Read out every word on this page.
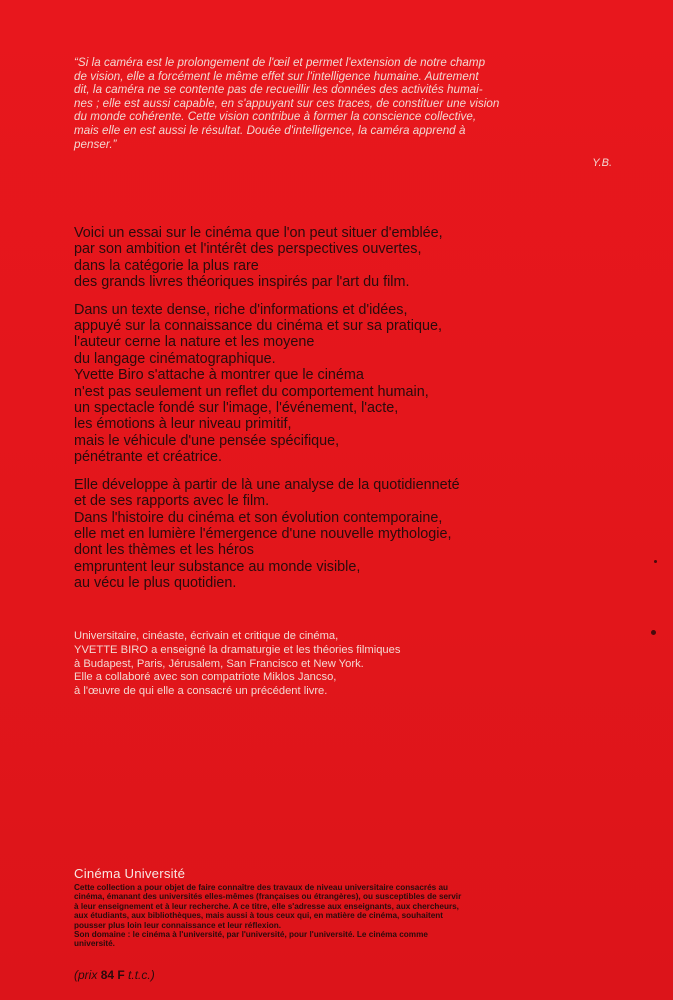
“Si la caméra est le prolongement de l'œil et permet l'extension de notre champ
de vision, elle a forcément le même effet sur l'intelligence humaine. Autrement
dit, la caméra ne se contente pas de recueillir les données des activités humai-
nes ; elle est aussi capable, en s'appuyant sur ces traces, de constituer une vision
du monde cohérente. Cette vision contribue à former la conscience collective,
mais elle en est aussi le résultat. Douée d'intelligence, la caméra apprend à
penser.”
Y.B.

Voici un essai sur le cinéma que l'on peut situer d'emblée,
par son ambition et l'intérêt des perspectives ouvertes,
dans la catégorie la plus rare
des grands livres théoriques inspirés par l'art du film.

Dans un texte dense, riche d'informations et d'idées,
appuyé sur la connaissance du cinéma et sur sa pratique,
l'auteur cerne la nature et les moyene
du langage cinématographique.
Yvette Biro s'attache à montrer que le cinéma
n'est pas seulement un reflet du comportement humain,
un spectacle fondé sur l'image, l'événement, l'acte,
les émotions à leur niveau primitif,
mais le véhicule d'une pensée spécifique,
pénétrante et créatrice.

Elle développe à partir de là une analyse de la quotidienneté
et de ses rapports avec le film.
Dans l'histoire du cinéma et son évolution contemporaine,
elle met en lumière l'émergence d'une nouvelle mythologie,
dont les thèmes et les héros
empruntent leur substance au monde visible,
au vécu le plus quotidien.

Universitaire, cinéaste, écrivain et critique de cinéma,
YVETTE BIRO a enseigné la dramaturgie et les théories filmiques
à Budapest, Paris, Jérusalem, San Francisco et New York.
Elle a collaboré avec son compatriote Miklos Jancso,
à l'œuvre de qui elle a consacré un précédent livre.
Cinéma Université
Cette collection a pour objet de faire connaître des travaux de niveau universitaire consacrés au
cinéma, émanant des universités elles-mêmes (françaises ou étrangères), ou susceptibles de servir
à leur enseignement et à leur recherche. A ce titre, elle s'adresse aux enseignants, aux chercheurs,
aux étudiants, aux bibliothèques, mais aussi à tous ceux qui, en matière de cinéma, souhaitent
pousser plus loin leur connaissance et leur réflexion.
Son domaine : le cinéma à l'université, par l'université, pour l'université. Le cinéma comme
université.
(prix 84 F t.t.c.)
